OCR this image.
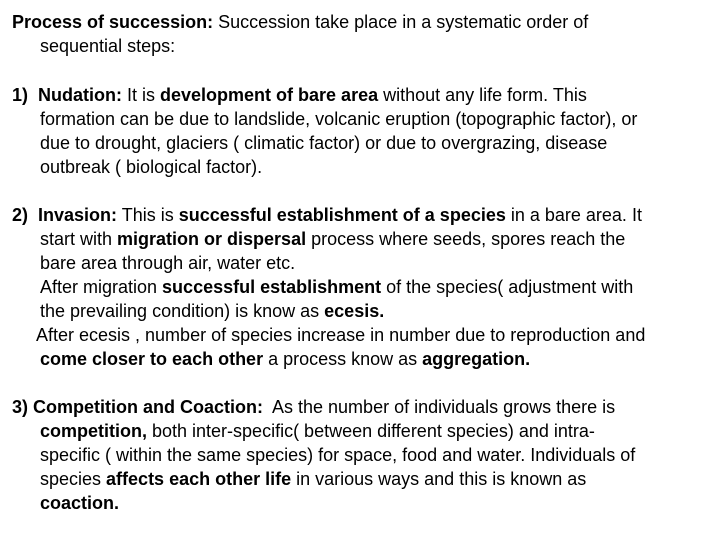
Process of succession: Succession take place in a systematic order of
sequential steps:
1)  Nudation: It is development of bare area without any life form. This
formation can be due to landslide, volcanic eruption (topographic factor), or
due to drought, glaciers ( climatic factor) or due to overgrazing, disease
outbreak ( biological factor).
2)  Invasion: This is successful establishment of a species in a bare area. It
start with migration or dispersal process where seeds, spores reach the
bare area through air, water etc.
After migration successful establishment of the species( adjustment with
the prevailing condition) is know as ecesis.
After ecesis , number of species increase in number due to reproduction and
come closer to each other a process know as aggregation.
3) Competition and Coaction:  As the number of individuals grows there is
competition, both inter-specific( between different species) and intra-
specific ( within the same species) for space, food and water. Individuals of
species affects each other life in various ways and this is known as
coaction.
